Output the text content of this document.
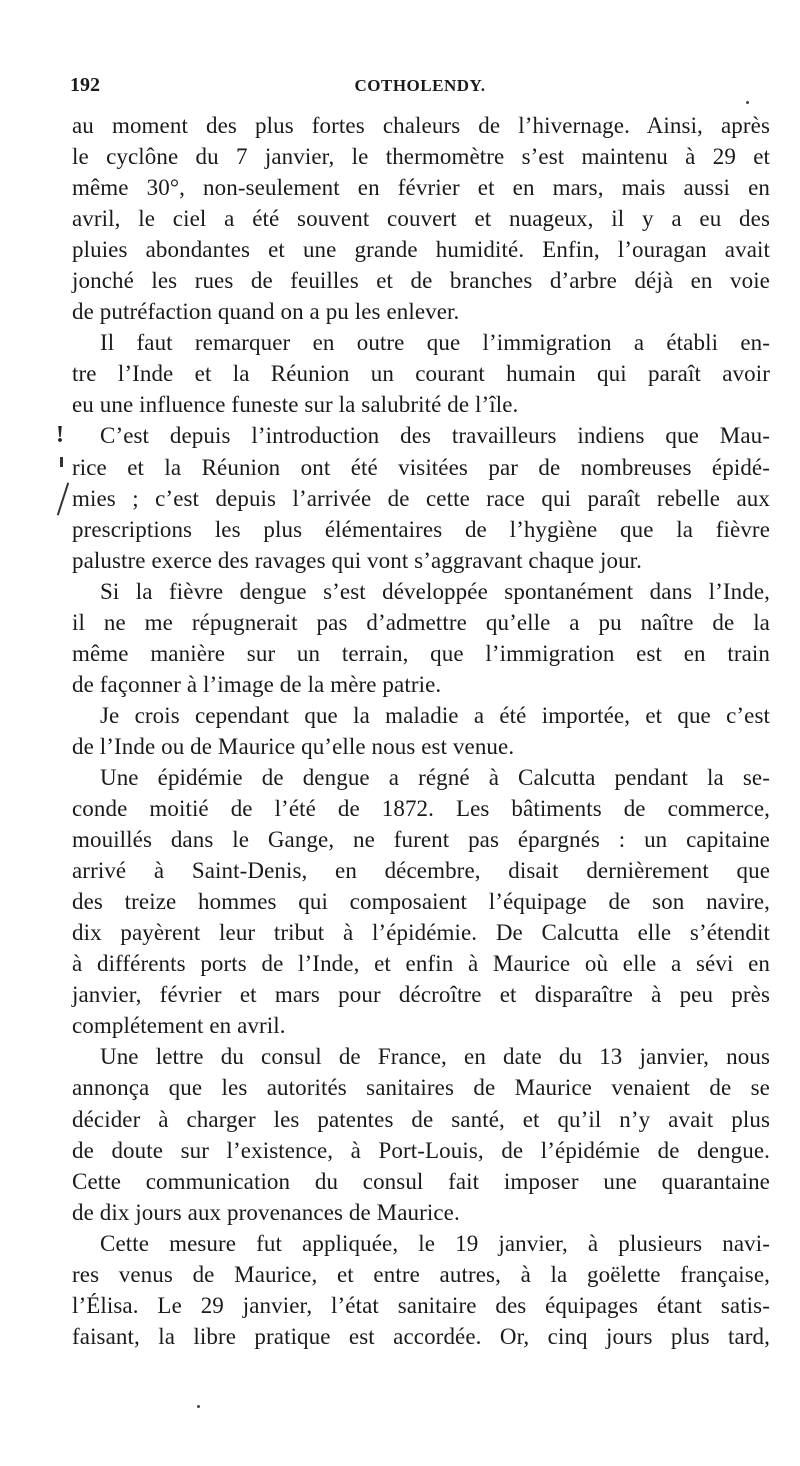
192	COTHOLENDY.
!
au moment des plus fortes chaleurs de l’hivernage. Ainsi, après
le cyclône du 7 janvier, le thermomètre s’est maintenu à 29 et
même 30°, non-seulement en février et en mars, mais aussi en
avril, le ciel a été souvent couvert et nuageux, il y a eu des
pluies abondantes et une grande humidité. Enfin, l’ouragan avait
jonché les rues de feuilles et de branches d’arbre déjà en voie
de putréfaction quand on a pu les enlever.
Il faut remarquer en outre que l’immigration a établi en-
tre l’Inde et la Réunion un courant humain qui paraît avoir
eu une influence funeste sur la salubrité de l’île.
C’est depuis l’introduction des travailleurs indiens que Mau-
rice et la Réunion ont été visitées par de nombreuses épidé-
mies ; c’est depuis l’arrivée de cette race qui paraît rebelle aux
prescriptions les plus élémentaires de l’hygiène que la fièvre
palustre exerce des ravages qui vont s’aggravant chaque jour.
Si la fièvre dengue s’est développée spontanément dans l’Inde,
il ne me répugnerait pas d’admettre qu’elle a pu naître de la
même manière sur un terrain, que l’immigration est en train
de façonner à l’image de la mère patrie.
Je crois cependant que la maladie a été importée, et que c’est
de l’Inde ou de Maurice qu’elle nous est venue.
Une épidémie de dengue a régné à Calcutta pendant la se-
conde moitié de l’été de 1872. Les bâtiments de commerce,
mouillés dans le Gange, ne furent pas épargnés : un capitaine
arrivé à Saint-Denis, en décembre, disait dernièrement que
des treize hommes qui composaient l’équipage de son navire,
dix payèrent leur tribut à l’épidémie. De Calcutta elle s’étendit
à différents ports de l’Inde, et enfin à Maurice où elle a sévi en
janvier, février et mars pour décroître et disparaître à peu près
complétement en avril.
Une lettre du consul de France, en date du 13 janvier, nous
annonça que les autorités sanitaires de Maurice venaient de se
décider à charger les patentes de santé, et qu’il n’y avait plus
de doute sur l’existence, à Port-Louis, de l’épidémie de dengue.
Cette communication du consul fait imposer une quarantaine
de dix jours aux provenances de Maurice.
Cette mesure fut appliquée, le 19 janvier, à plusieurs navi-
res venus de Maurice, et entre autres, à la goëlette française,
l’Élisa. Le 29 janvier, l’état sanitaire des équipages étant satis-
faisant, la libre pratique est accordée. Or, cinq jours plus tard,
